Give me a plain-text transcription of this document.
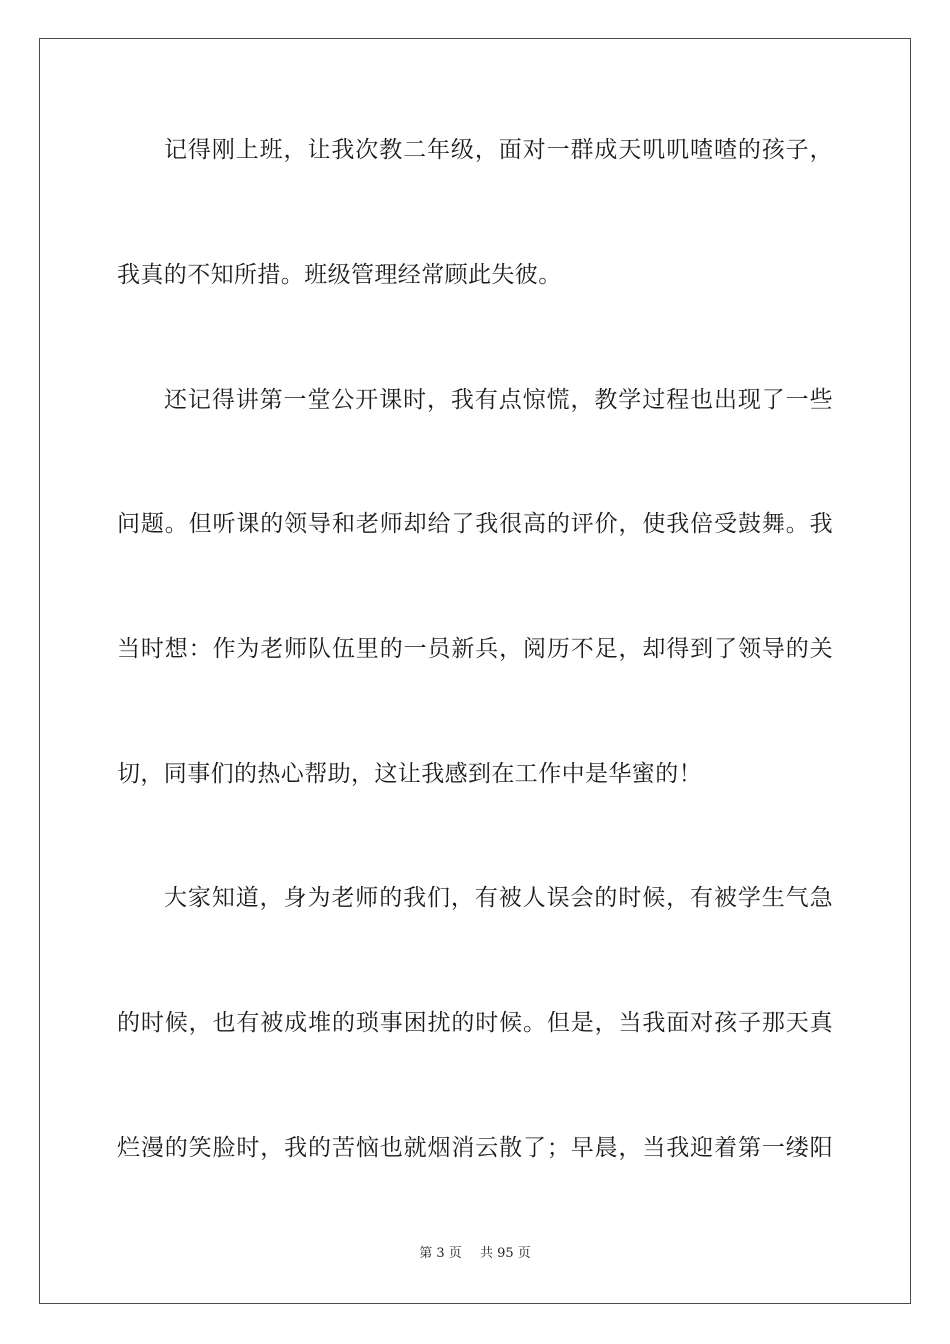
记得刚上班，让我次教二年级，面对一群成天叽叽喳喳的孩子，
我真的不知所措。班级管理经常顾此失彼。
还记得讲第一堂公开课时，我有点惊慌，教学过程也出现了一些
问题。但听课的领导和老师却给了我很高的评价，使我倍受鼓舞。我
当时想：作为老师队伍里的一员新兵，阅历不足，却得到了领导的关
切，同事们的热心帮助，这让我感到在工作中是华蜜的！
大家知道，身为老师的我们，有被人误会的时候，有被学生气急
的时候，也有被成堆的琐事困扰的时候。但是，当我面对孩子那天真
烂漫的笑脸时，我的苦恼也就烟消云散了；早晨，当我迎着第一缕阳
第 3 页 共 95 页
